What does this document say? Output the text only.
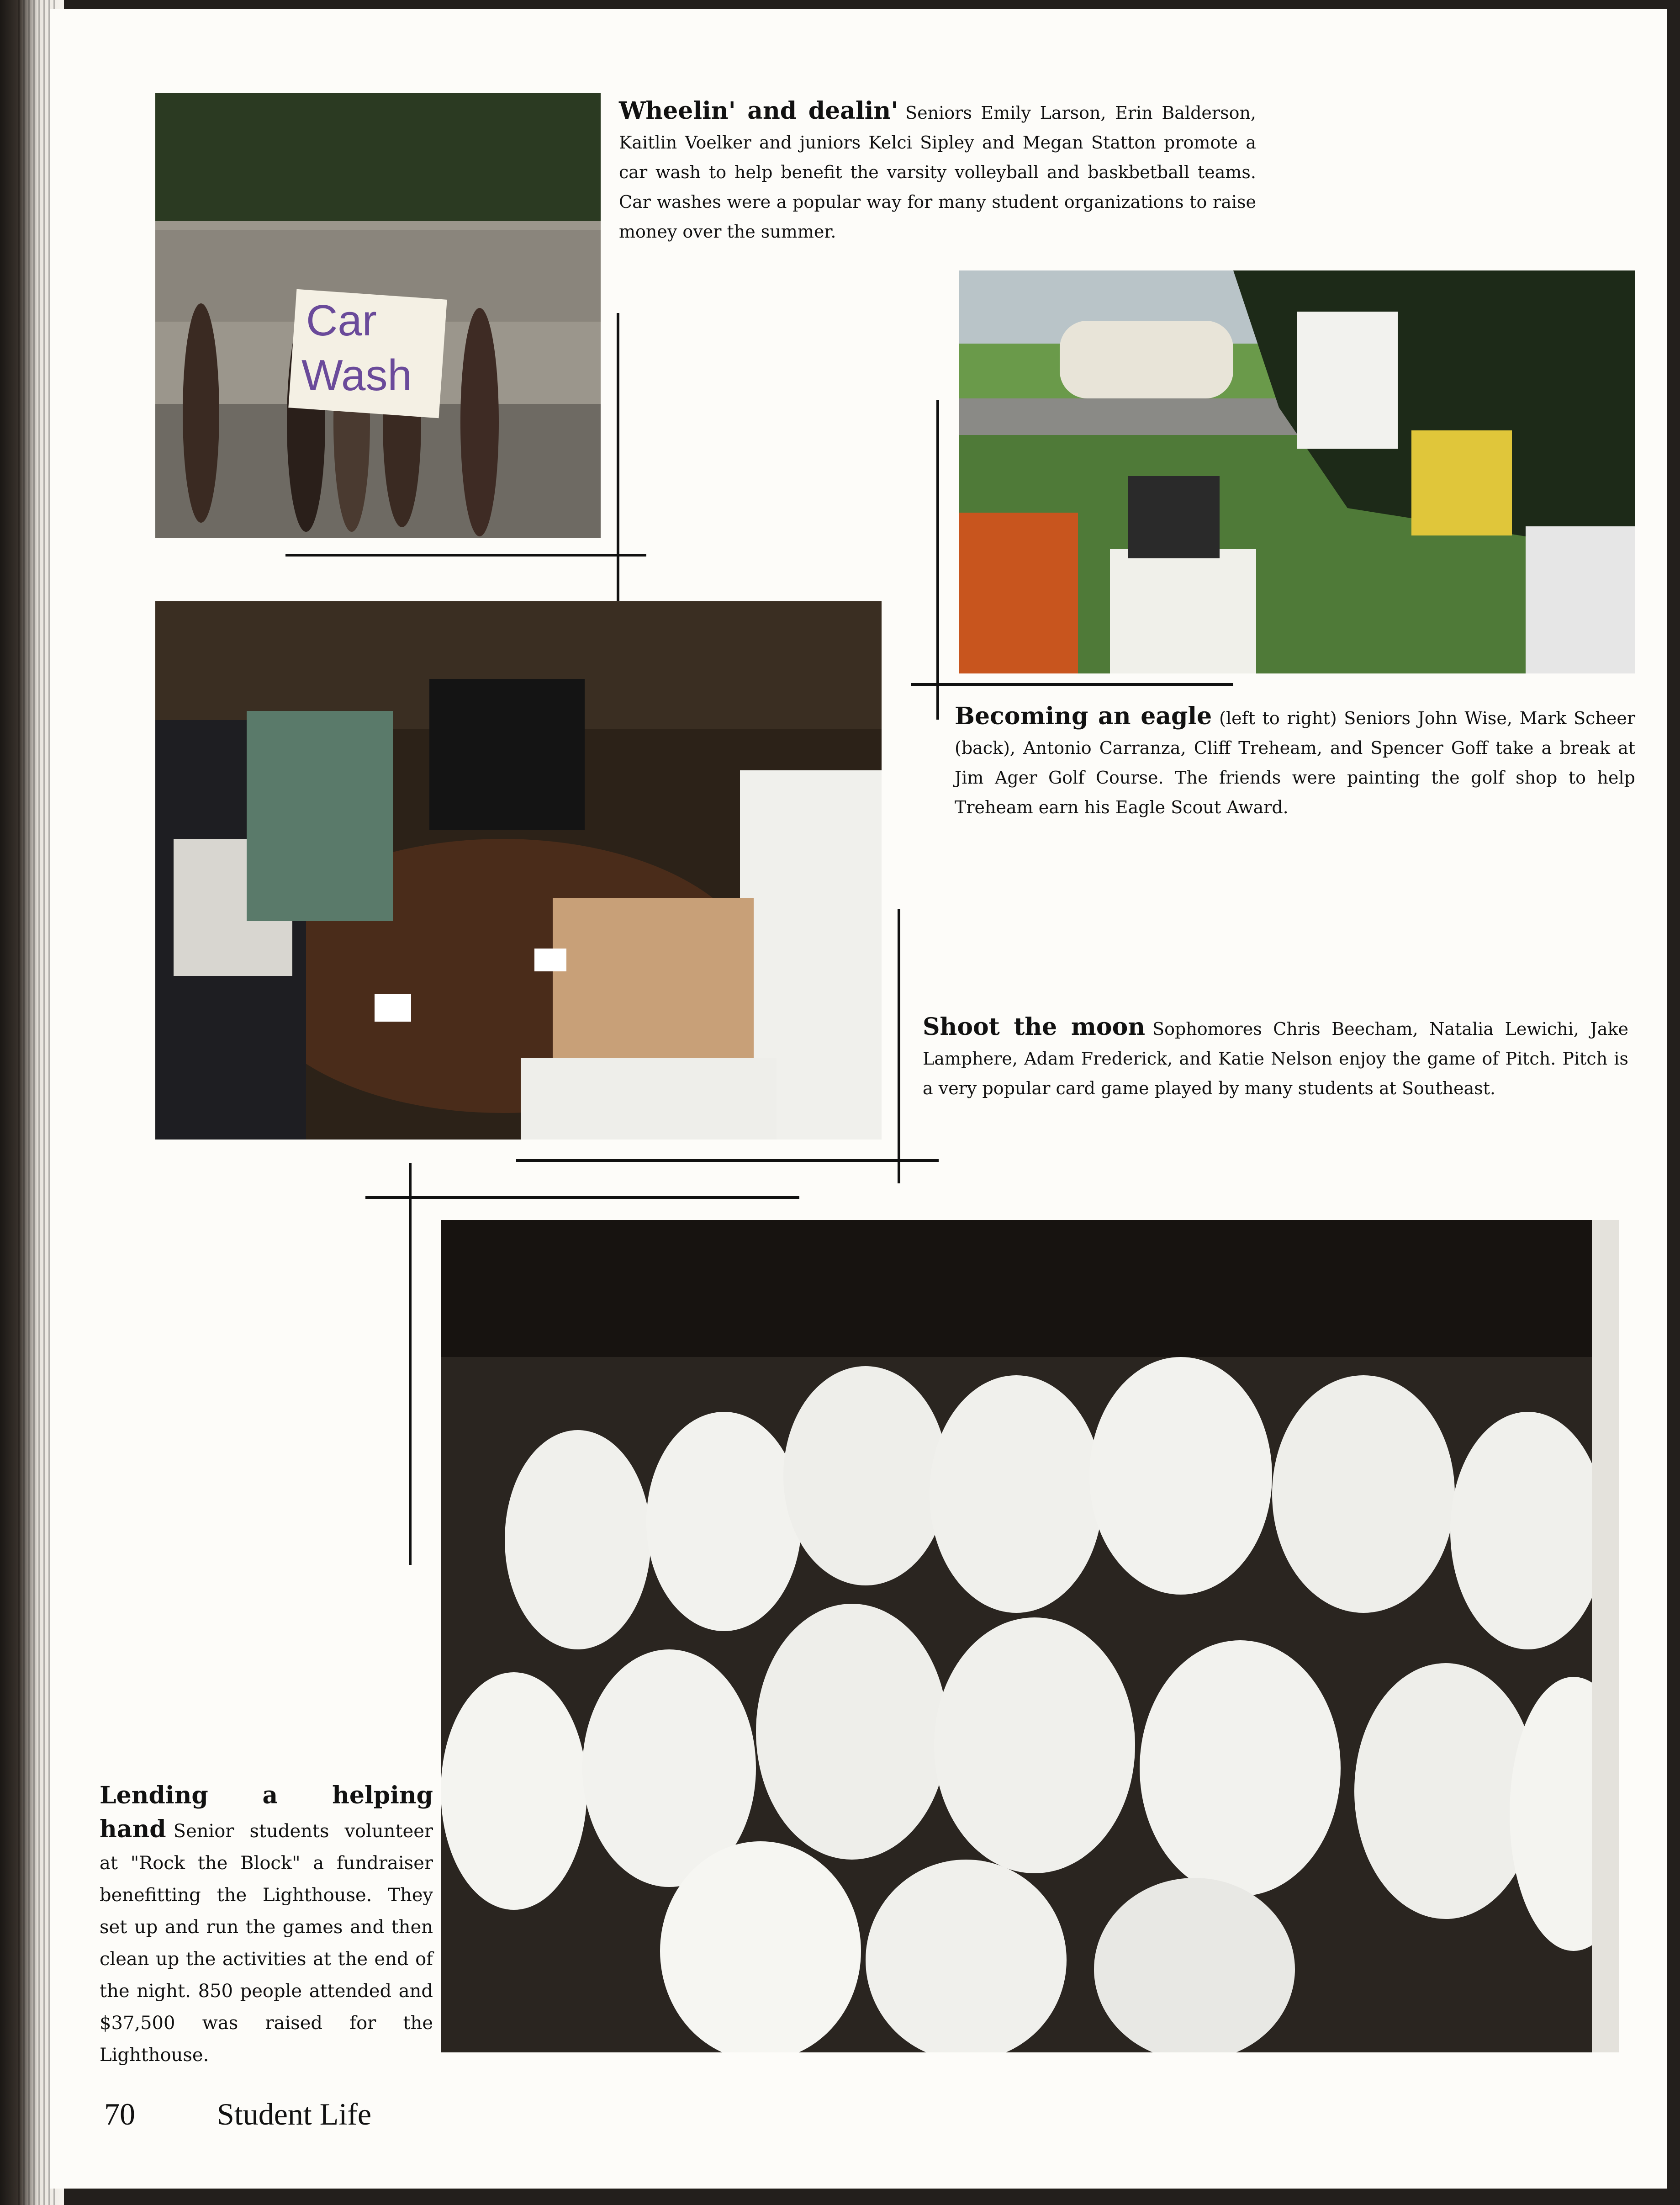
Car
Wash
Wheelin' and dealin' Seniors Emily Larson, Erin Balderson, Kaitlin Voelker and juniors Kelci Sipley and Megan Statton promote a car wash to help benefit the varsity volleyball and baskbetball teams. Car washes were a popular way for many student organizations to raise money over the summer.
Becoming an eagle (left to right) Seniors John Wise, Mark Scheer (back), Antonio Carranza, Cliff Treheam, and Spencer Goff take a break at Jim Ager Golf Course. The friends were painting the golf shop to help Treheam earn his Eagle Scout Award.
Shoot the moon Sophomores Chris Beecham, Natalia Lewichi, Jake Lamphere, Adam Frederick, and Katie Nelson enjoy the game of Pitch. Pitch is a very popular card game played by many students at Southeast.
Lending a helping hand Senior students volunteer at "Rock the Block" a fundraiser benefitting the Lighthouse. They set up and run the games and then clean up the activities at the end of the night. 850 people attended and $37,500 was raised for the Lighthouse.
70	Student Life
